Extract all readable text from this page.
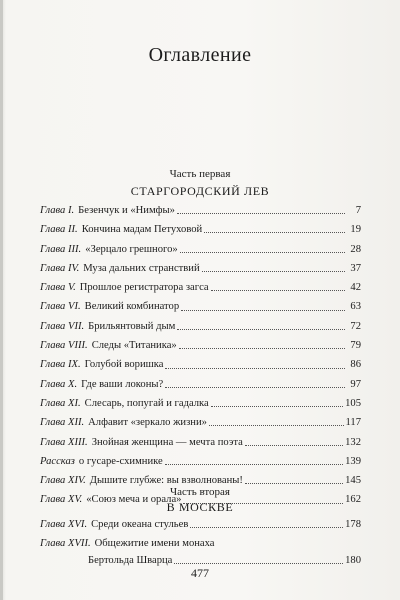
Оглавление
Часть первая
СТАРГОРОДСКИЙ ЛЕВ
Глава I. Безенчук и «Нимфы»	7
Глава II. Кончина мадам Петуховой	19
Глава III. «Зерцало грешного»	28
Глава IV. Муза дальних странствий	37
Глава V. Прошлое регистратора загса	42
Глава VI. Великий комбинатор	63
Глава VII. Брильянтовый дым	72
Глава VIII. Следы «Титаника»	79
Глава IX. Голубой воришка	86
Глава X. Где ваши локоны?	97
Глава XI. Слесарь, попугай и гадалка	105
Глава XII. Алфавит «зеркало жизни»	117
Глава XIII. Знойная женщина — мечта поэта	132
Рассказ о гусаре-схимнике	139
Глава XIV. Дышите глубже: вы взволнованы!	145
Глава XV. «Союз меча и орала»	162
Часть вторая
В МОСКВЕ
Глава XVI. Среди океана стульев	178
Глава XVII. Общежитие имени монаха
Бертольда Шварца	180
477
